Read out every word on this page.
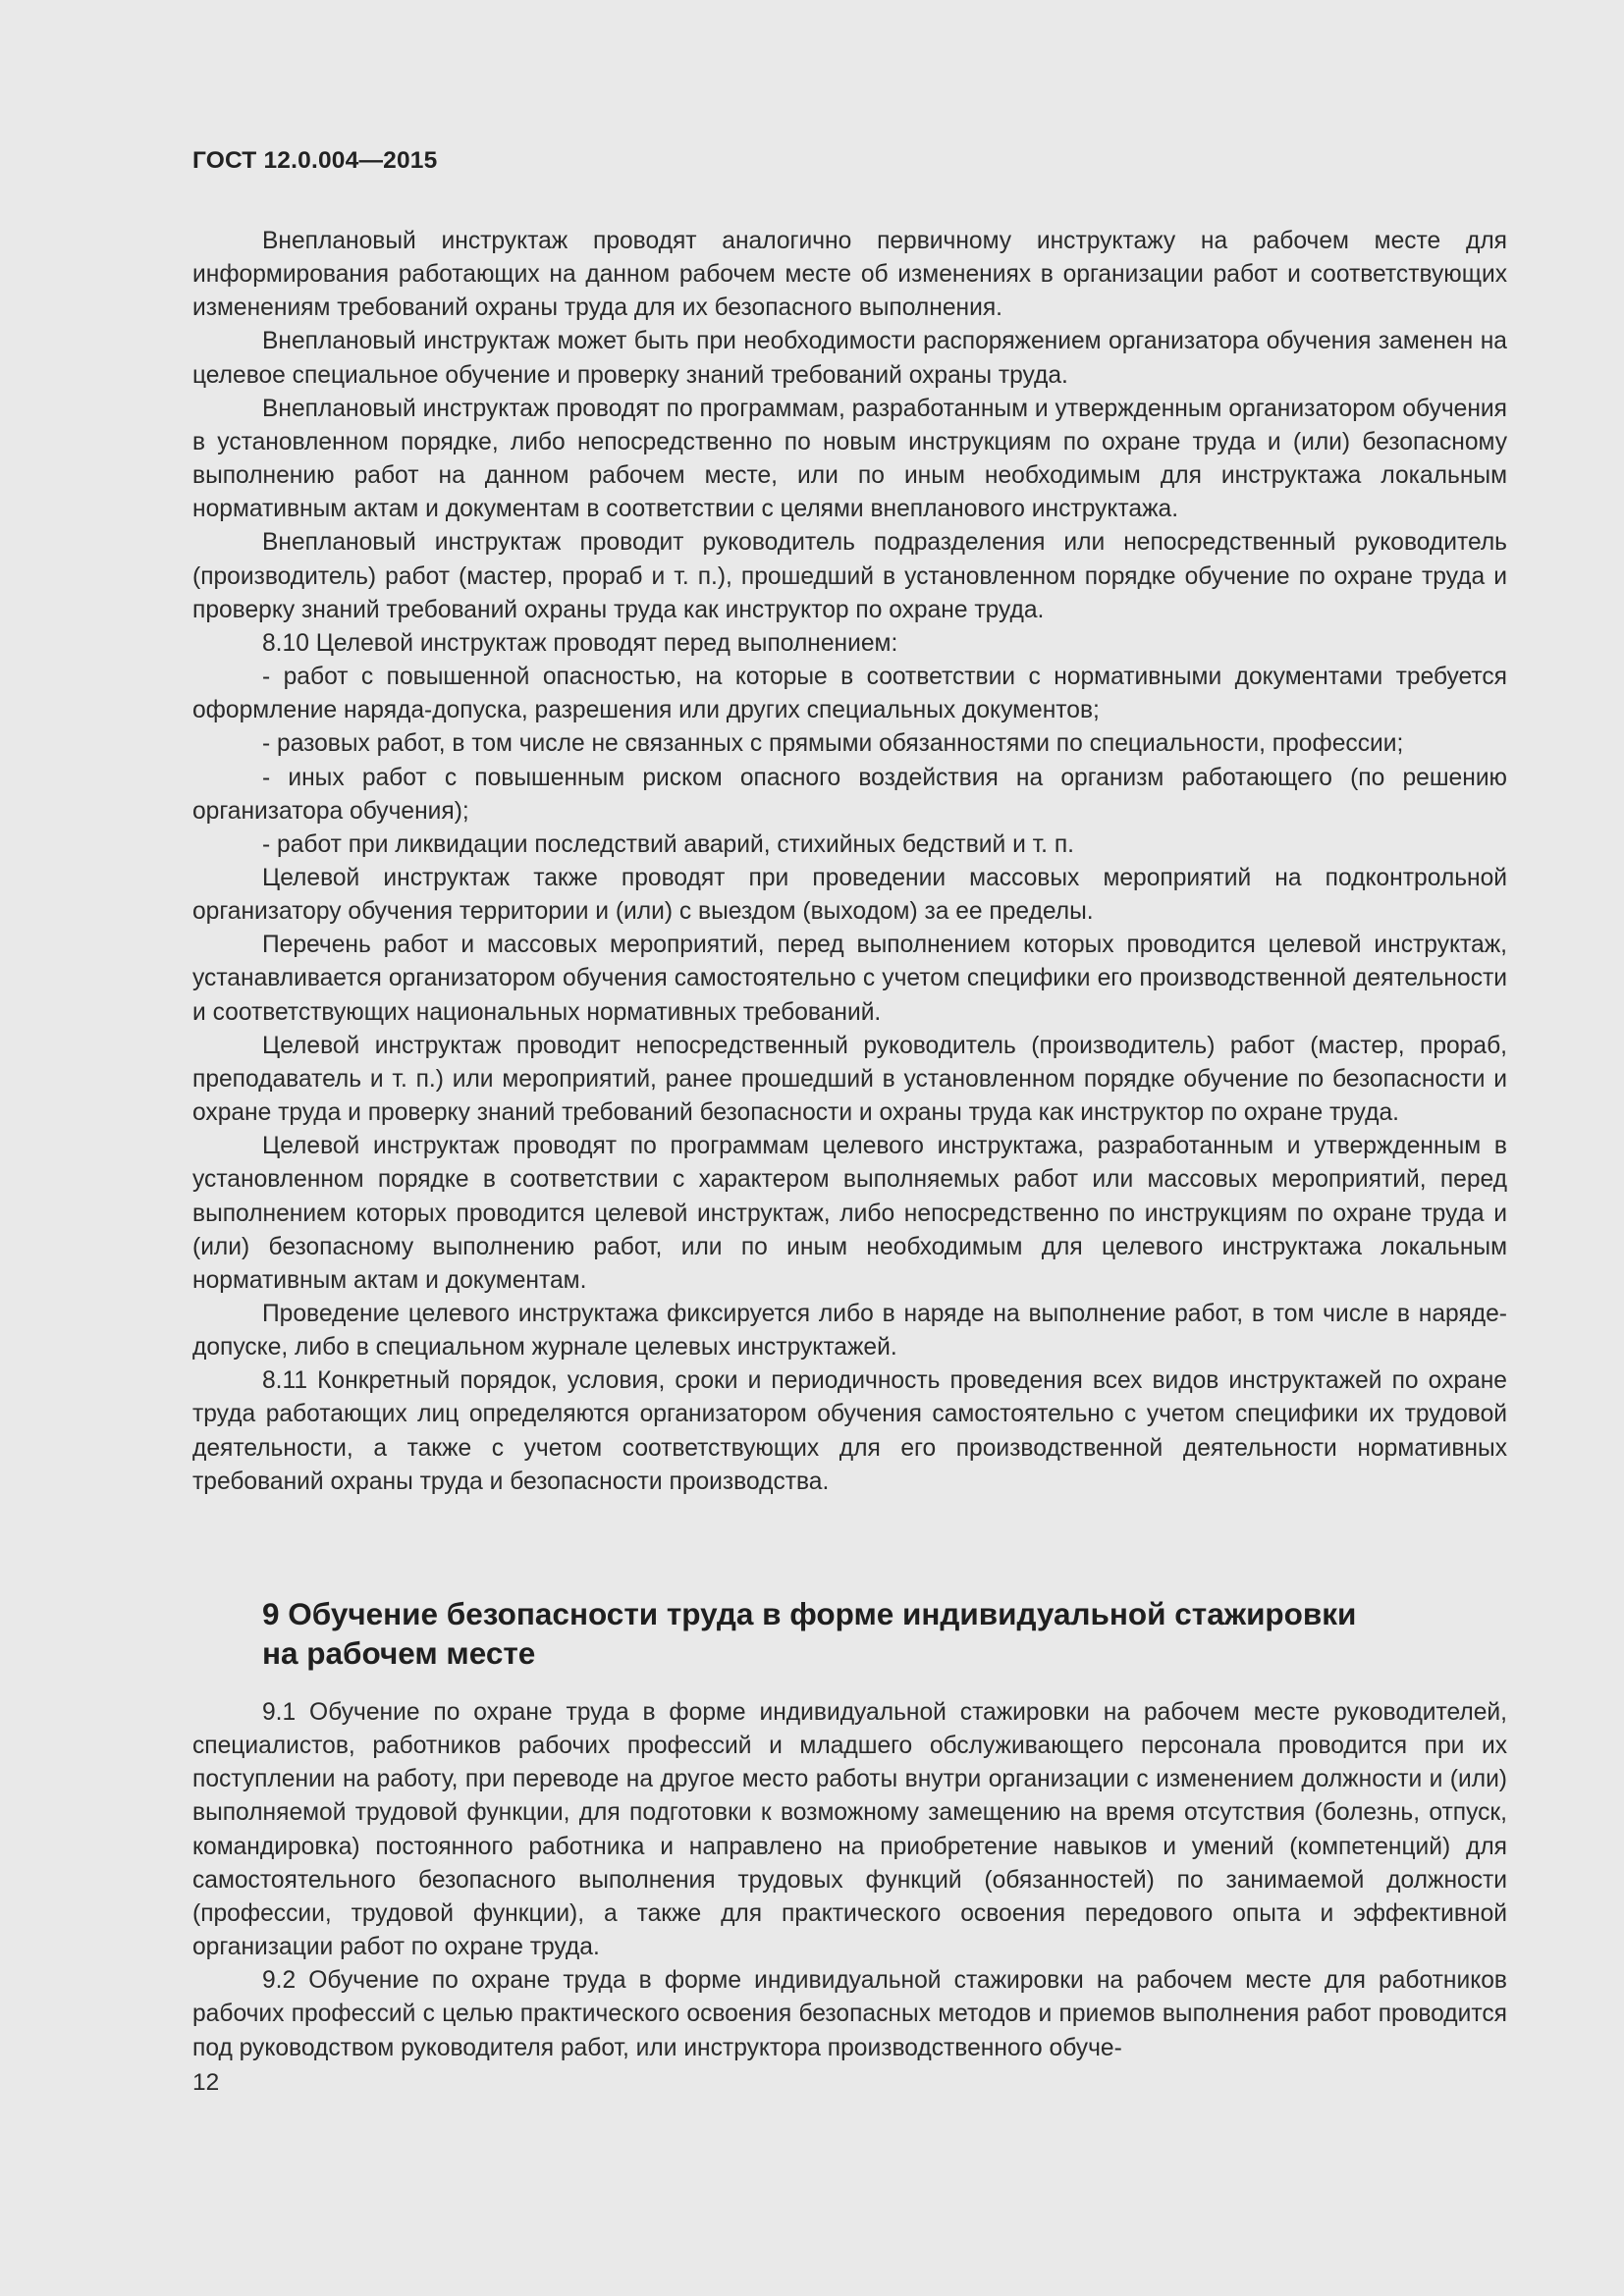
ГОСТ 12.0.004—2015

Внеплановый инструктаж проводят аналогично первичному инструктажу на рабочем месте для информирования работающих на данном рабочем месте об изменениях в организации работ и соответствующих изменениям требований охраны труда для их безопасного выполнения.

Внеплановый инструктаж может быть при необходимости распоряжением организатора обучения заменен на целевое специальное обучение и проверку знаний требований охраны труда.

Внеплановый инструктаж проводят по программам, разработанным и утвержденным организатором обучения в установленном порядке, либо непосредственно по новым инструкциям по охране труда и (или) безопасному выполнению работ на данном рабочем месте, или по иным необходимым для инструктажа локальным нормативным актам и документам в соответствии с целями внепланового инструктажа.

Внеплановый инструктаж проводит руководитель подразделения или непосредственный руководитель (производитель) работ (мастер, прораб и т. п.), прошедший в установленном порядке обучение по охране труда и проверку знаний требований охраны труда как инструктор по охране труда.

8.10 Целевой инструктаж проводят перед выполнением:

- работ с повышенной опасностью, на которые в соответствии с нормативными документами требуется оформление наряда-допуска, разрешения или других специальных документов;

- разовых работ, в том числе не связанных с прямыми обязанностями по специальности, профессии;

- иных работ с повышенным риском опасного воздействия на организм работающего (по решению организатора обучения);

- работ при ликвидации последствий аварий, стихийных бедствий и т. п.

Целевой инструктаж также проводят при проведении массовых мероприятий на подконтрольной организатору обучения территории и (или) с выездом (выходом) за ее пределы.

Перечень работ и массовых мероприятий, перед выполнением которых проводится целевой инструктаж, устанавливается организатором обучения самостоятельно с учетом специфики его производственной деятельности и соответствующих национальных нормативных требований.

Целевой инструктаж проводит непосредственный руководитель (производитель) работ (мастер, прораб, преподаватель и т. п.) или мероприятий, ранее прошедший в установленном порядке обучение по безопасности и охране труда и проверку знаний требований безопасности и охраны труда как инструктор по охране труда.

Целевой инструктаж проводят по программам целевого инструктажа, разработанным и утвержденным в установленном порядке в соответствии с характером выполняемых работ или массовых мероприятий, перед выполнением которых проводится целевой инструктаж, либо непосредственно по инструкциям по охране труда и (или) безопасному выполнению работ, или по иным необходимым для целевого инструктажа локальным нормативным актам и документам.

Проведение целевого инструктажа фиксируется либо в наряде на выполнение работ, в том числе в наряде-допуске, либо в специальном журнале целевых инструктажей.

8.11 Конкретный порядок, условия, сроки и периодичность проведения всех видов инструктажей по охране труда работающих лиц определяются организатором обучения самостоятельно с учетом специфики их трудовой деятельности, а также с учетом соответствующих для его производственной деятельности нормативных требований охраны труда и безопасности производства.

9 Обучение безопасности труда в форме индивидуальной стажировки
на рабочем месте

9.1 Обучение по охране труда в форме индивидуальной стажировки на рабочем месте руководителей, специалистов, работников рабочих профессий и младшего обслуживающего персонала проводится при их поступлении на работу, при переводе на другое место работы внутри организации с изменением должности и (или) выполняемой трудовой функции, для подготовки к возможному замещению на время отсутствия (болезнь, отпуск, командировка) постоянного работника и направлено на приобретение навыков и умений (компетенций) для самостоятельного безопасного выполнения трудовых функций (обязанностей) по занимаемой должности (профессии, трудовой функции), а также для практического освоения передового опыта и эффективной организации работ по охране труда.

9.2 Обучение по охране труда в форме индивидуальной стажировки на рабочем месте для работников рабочих профессий с целью практического освоения безопасных методов и приемов выполнения работ проводится под руководством руководителя работ, или инструктора производственного обуче-

12
